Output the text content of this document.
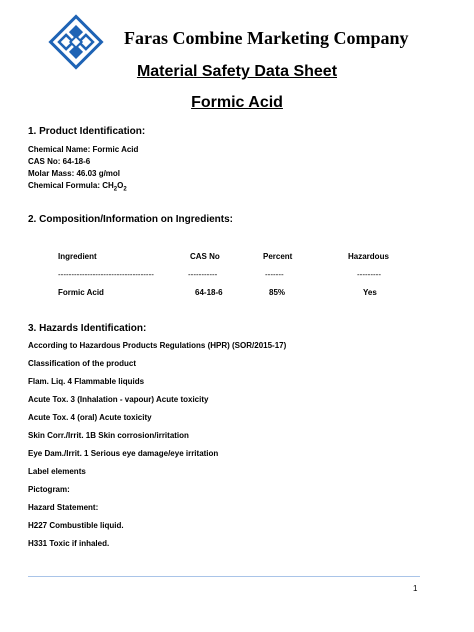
Faras Combine Marketing Company
Material Safety Data Sheet
Formic Acid
1. Product Identification:
Chemical Name: Formic Acid
CAS No: 64-18-6
Molar Mass: 46.03 g/mol
Chemical Formula: $CH_2O_2$
2. Composition/Information on Ingredients:
Ingredient	CAS No	Percent	Hazardous
------------------------------------	-----------	-------	---------
Formic Acid	64-18-6	85%	Yes
3. Hazards Identification:
According to Hazardous Products Regulations (HPR) (SOR/2015-17)
Classification of the product
Flam. Liq. 4 Flammable liquids
Acute Tox. 3 (Inhalation - vapour) Acute toxicity
Acute Tox. 4 (oral) Acute toxicity
Skin Corr./Irrit. 1B Skin corrosion/irritation
Eye Dam./Irrit. 1 Serious eye damage/eye irritation
Label elements
Pictogram:
Hazard Statement:
H227 Combustible liquid.
H331 Toxic if inhaled.
1
